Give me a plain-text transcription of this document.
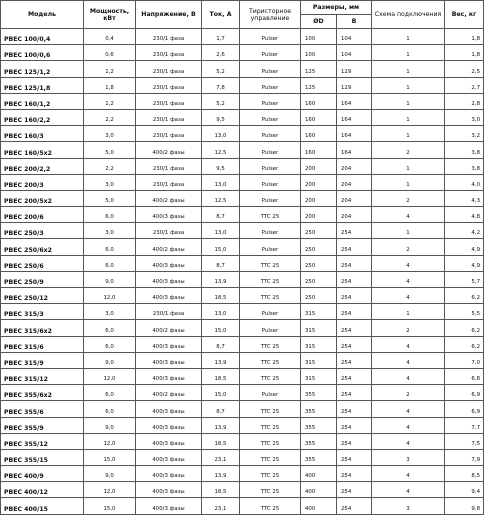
Модель	Мощность, кВт	Напряжение, В	Ток, А	Тиристорное управление	Размеры, мм		Схема подключения	Вес, кг
					ØD	B		
PBEC 100/0,4	0,4	230/1 фаза	1,7	Pulser	100	104	1	1,8
PBEC 100/0,6	0,6	230/1 фаза	2,6	Pulser	100	104	1	1,8
PBEC 125/1,2	1,2	230/1 фаза	5,2	Pulser	125	129	1	2,5
PBEC 125/1,8	1,8	230/1 фаза	7,8	Pulser	125	129	1	2,7
PBEC 160/1,2	1,2	230/1 фаза	5,2	Pulser	160	164	1	2,8
PBEC 160/2,2	2,2	230/1 фаза	9,5	Pulser	160	164	1	3,0
PBEC 160/3	3,0	230/1 фаза	13,0	Pulser	160	164	1	3,2
PBEC 160/5x2	5,0	400/2 фазы	12,5	Pulser	160	164	2	3,8
PBEC 200/2,2	2,2	230/1 фаза	9,5	Pulser	200	204	1	3,8
PBEC 200/3	3,0	230/1 фаза	13,0	Pulser	200	204	1	4,0
PBEC 200/5x2	5,0	400/2 фазы	12,5	Pulser	200	204	2	4,3
PBEC 200/6	6,0	400/3 фазы	8,7	TTC 25	200	204	4	4,8
PBEC 250/3	3,0	230/1 фаза	13,0	Pulser	250	254	1	4,2
PBEC 250/6x2	6,0	400/2 фазы	15,0	Pulser	250	254	2	4,9
PBEC 250/6	6,0	400/3 фазы	8,7	TTC 25	250	254	4	4,9
PBEC 250/9	9,0	400/3 фазы	13,9	TTC 25	250	254	4	5,7
PBEC 250/12	12,0	400/3 фазы	18,5	TTC 25	250	254	4	6,2
PBEC 315/3	3,0	230/1 фаза	13,0	Pulser	315	254	1	5,5
PBEC 315/6x2	6,0	400/2 фазы	15,0	Pulser	315	254	2	6,2
PBEC 315/6	6,0	400/3 фазы	8,7	TTC 25	315	254	4	6,2
PBEC 315/9	9,0	400/3 фазы	13,9	TTC 25	315	254	4	7,0
PBEC 315/12	12,0	400/3 фазы	18,5	TTC 25	315	254	4	6,8
PBEC 355/6x2	6,0	400/2 фазы	15,0	Pulser	355	254	2	6,9
PBEC 355/6	6,0	400/3 фазы	8,7	TTC 25	355	254	4	6,9
PBEC 355/9	9,0	400/3 фазы	13,9	TTC 25	355	254	4	7,7
PBEC 355/12	12,0	400/3 фазы	18,5	TTC 25	355	254	4	7,5
PBEC 355/15	15,0	400/3 фазы	23,1	TTC 25	355	254	3	7,9
PBEC 400/9	9,0	400/3 фазы	13,9	TTC 25	400	254	4	8,5
PBEC 400/12	12,0	400/3 фазы	18,5	TTC 25	400	254	4	9,4
PBEC 400/15	15,0	400/3 фазы	23,1	TTC 25	400	254	3	9,8
